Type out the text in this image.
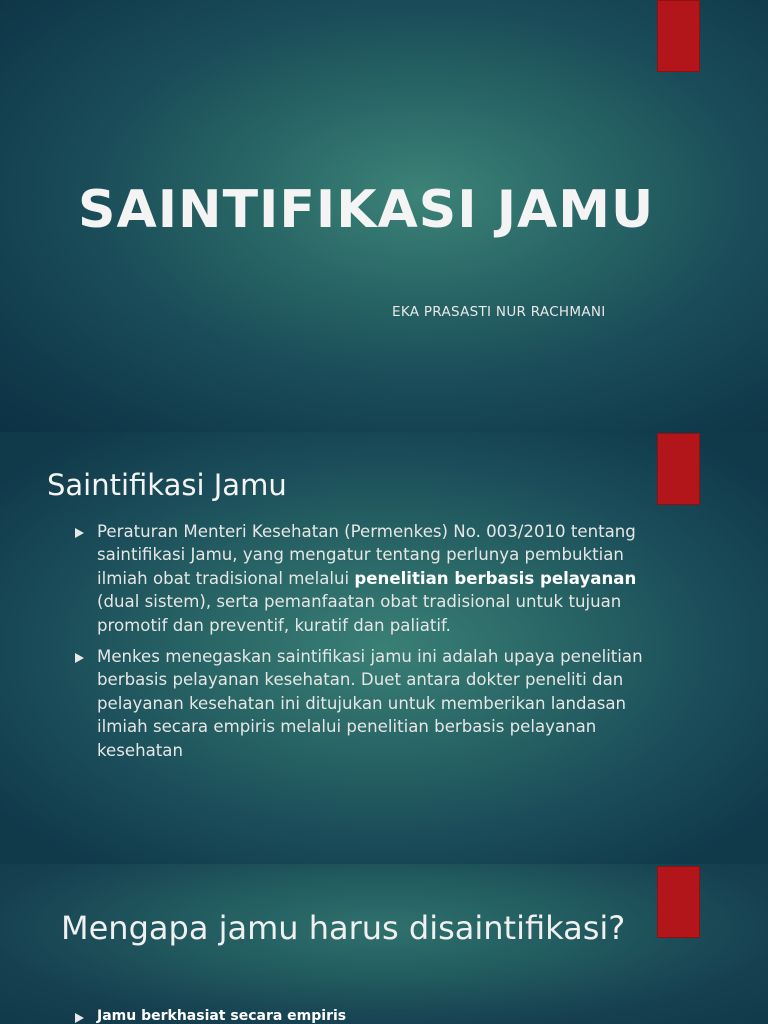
SAINTIFIKASI JAMU
EKA PRASASTI NUR RACHMANI
Saintifikasi Jamu
Peraturan Menteri Kesehatan (Permenkes) No. 003/2010 tentang saintifikasi Jamu, yang mengatur tentang perlunya pembuktian ilmiah obat tradisional melalui penelitian berbasis pelayanan (dual sistem), serta pemanfaatan obat tradisional untuk tujuan promotif dan preventif, kuratif dan paliatif.
Menkes menegaskan saintifikasi jamu ini adalah upaya penelitian berbasis pelayanan kesehatan. Duet antara dokter peneliti dan pelayanan kesehatan ini ditujukan untuk memberikan landasan ilmiah secara empiris melalui penelitian berbasis pelayanan kesehatan
Mengapa jamu harus disaintifikasi?
Jamu berkhasiat secara empiris
